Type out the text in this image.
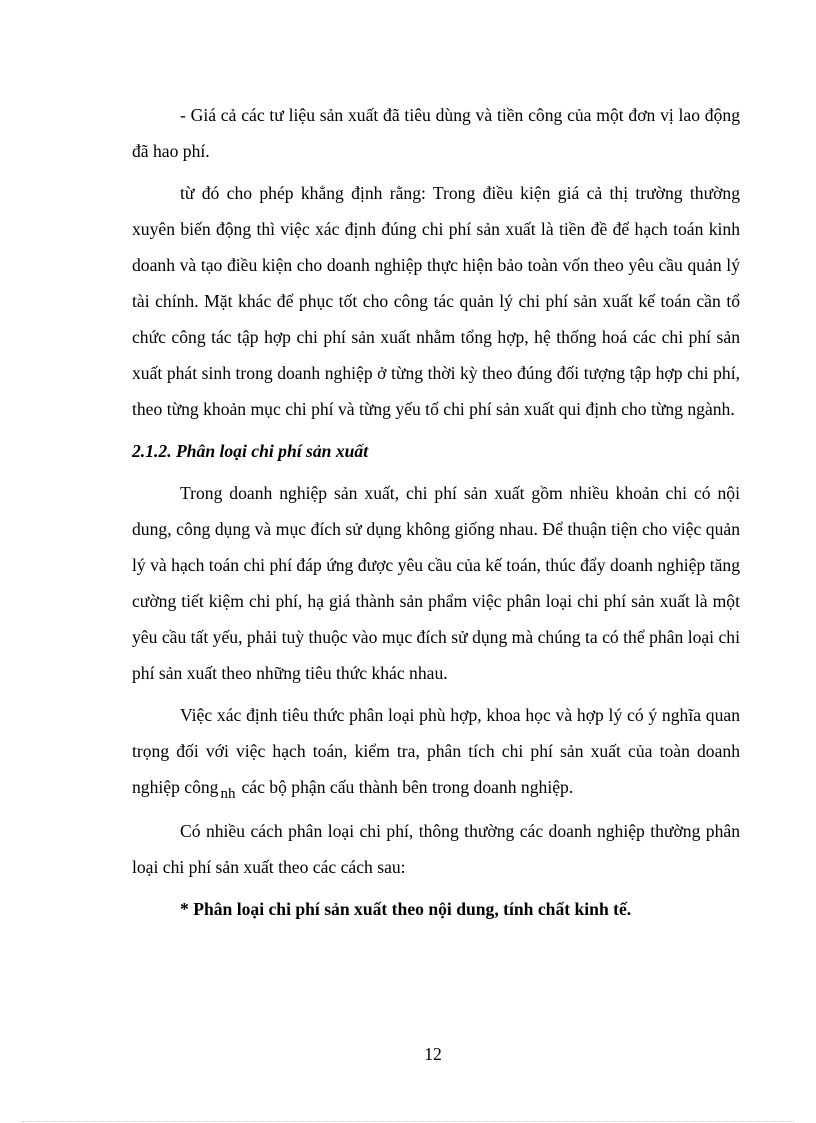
- Giá cả các tư liệu sản xuất đã tiêu dùng và tiền công của một đơn vị lao động đã hao phí.

từ đó cho phép khẳng định rằng: Trong điều kiện giá cả thị trường thường xuyên biến động thì việc xác định đúng chi phí sản xuất là tiền đề để hạch toán kinh doanh và tạo điều kiện cho doanh nghiệp thực hiện bảo toàn vốn theo yêu cầu quản lý tài chính. Mặt khác để phục tốt cho công tác quản lý chi phí sản xuất kế toán cần tổ chức công tác tập hợp chi phí sản xuất nhằm tổng hợp, hệ thống hoá các chi phí sản xuất phát sinh trong doanh nghiệp ở từng thời kỳ theo đúng đối tượng tập hợp chi phí, theo từng khoản mục chi phí và từng yếu tố chi phí sản xuất qui định cho từng ngành.

2.1.2. Phân loại chi phí sản xuất

Trong doanh nghiệp sản xuất, chi phí sản xuất gồm nhiều khoản chi có nội dung, công dụng và mục đích sử dụng không giống nhau. Để thuận tiện cho việc quản lý và hạch toán chi phí đáp ứng được yêu cầu của kế toán, thúc đẩy doanh nghiệp tăng cường tiết kiệm chi phí, hạ giá thành sản phẩm việc phân loại chi phí sản xuất là một yêu cầu tất yếu, phải tuỳ thuộc vào mục đích sử dụng mà chúng ta có thể phân loại chi phí sản xuất theo những tiêu thức khác nhau.

Việc xác định tiêu thức phân loại phù hợp, khoa học và hợp lý có ý nghĩa quan trọng đối với việc hạch toán, kiểm tra, phân tích chi phí sản xuất của toàn doanh nghiệp công nh các bộ phận cấu thành bên trong doanh nghiệp.

Có nhiều cách phân loại chi phí, thông thường các doanh nghiệp thường phân loại chi phí sản xuất theo các cách sau:

* Phân loại chi phí sản xuất theo nội dung, tính chất kinh tế.

12
